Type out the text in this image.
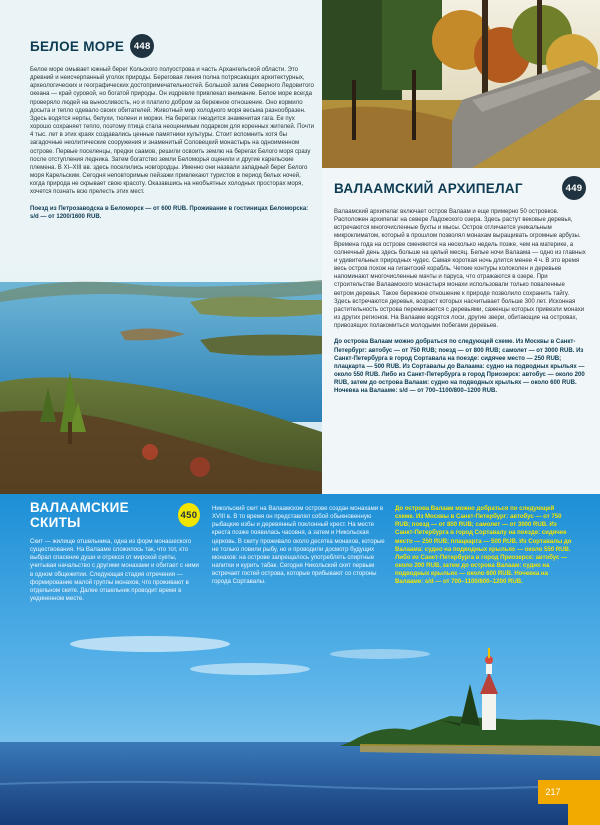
БЕЛОЕ МОРЕ	448
Белое море омывает южный берег Кольского полуострова и часть Архангельской области. Это древний и неисчерпанный уголок природы. Береговая линия полна потрясающих архитектурных, археологических и географических достопримечательностей. Большой залив Северного Ледовитого океана — край суровой, но богатой природы. Он издревле привлекал внимание. Белое море всегда проверяло людей на выносливость, но и платило добром за бережное отношение. Оно кормило досыта и тепло одевало своих обитателей. Животный мир холодного моря весьма разнообразен. Здесь водятся нерпы, белухи, тюлени и моржи. На берегах гнездится знаменитая гага. Ее пух хорошо сохраняет тепло, поэтому птица стала неоценимым подарком для коренных жителей. Почти 4 тыс. лет в этих краях создавались ценные памятники культуры. Стоит вспомнить хотя бы загадочные неолитические сооружения и знаменитый Соловецкий монастырь на одноименном острове. Первые поселенцы, предки саамов, решили освоить землю на берегах Белого моря сразу после отступления ледника. Затем богатство земли Беломорья оценили и другие карельские племена. В XI–XIII вв. здесь поселились новгородцы. Именно они назвали западный берег Белого моря Карельским. Сегодня неповторимые пейзажи привлекают туристов в период белых ночей, когда природа не скрывает свою красоту. Оказавшись на необъятных холодных просторах моря, хочется познать всю прелесть этих мест.
Поезд из Петрозаводска в Беломорск — от 600 RUB. Проживание в гостиницах Беломорска: s/d — от 1200/1600 RUB.
ВАЛААМСКИЙ АРХИПЕЛАГ	449
Валаамский архипелаг включает остров Валаам и еще примерно 50 островков. Расположен архипелаг на севере Ладожского озера. Здесь растут вековые деревья, встречаются многочисленные бухты и мысы. Остров отличается уникальным микроклиматом, который в прошлом позволял монахам выращивать огромные арбузы. Времена года на острове сменяются на несколько недель позже, чем на материке, а солнечный день здесь больше на целый месяц. Белые ночи Валаама — одно из главных и удивительных природных чудес. Самая короткая ночь длится менее 4 ч. В это время весь остров похож на гигантский корабль. Четкие контуры колоколен и деревьев напоминают многочисленные мачты и паруса, что отражаются в озере. При строительстве Валаамского монастыря монахи использовали только поваленные ветром деревья. Такое бережное отношение к природе позволило сохранить тайгу. Здесь встречаются деревья, возраст которых насчитывает больше 300 лет. Исконная растительность острова перемежается с деревьями, саженцы которых привезли монахи из других регионов. На Валааме водятся лоси, другие звери, обитающие на островах, привозящих полакомиться молодыми побегами деревьев.
До острова Валаам можно добраться по следующей схеме. Из Москвы в Санкт-Петербург: автобус — от 750 RUB; поезд — от 800 RUB; самолет — от 3000 RUB. Из Санкт-Петербурга в город Сортавала на поезде: сидячее место — 250 RUB; плацкарта — 500 RUB. Из Сортавалы до Валаама: судно на подводных крыльях — около 550 RUB. Либо из Санкт-Петербурга в город Приозерск: автобус — около 200 RUB, затем до острова Валаам: судно на подводных крыльях — около 600 RUB. Ночевка на Валааме: s/d — от 700–1100/800–1200 RUB.
ВАЛААМСКИЕ СКИТЫ	450
Скит — жилище отшельника, одна из форм монашеского существования. На Валааме сложилось так, что тот, кто выбрал спасение души и отрекся от мирской суеты, учитывая начальство с другими монахами и обитает с ними в одном общежитии. Следующая стадия отречения — формирование малой группы монахов, что проживают в отдельном ските. Далее отшельник проводит время в уединенном месте.
Никольский скит на Валаамском острове создан монахами в XVIII в. В то время он представлял собой обыкновенную рыбацкие избы и деревянный поклонный крест. На месте креста позже появилась часовня, а затем и Никольская церковь. В скиту проживало около десятка монахов, которые не только ловили рыбу, но и проводили досмотр будущих монахов: на острове запрещалось употреблять спиртные напитки и курить табак. Сегодня Никольский скит первым встречает гостей острова, которые прибывают со стороны города Сортавалы.
До острова Валаам можно добраться по следующей схеме. Из Москвы в Санкт-Петербург: автобус — от 750 RUB; поезд — от 800 RUB; самолет — от 3000 RUB. Из Санкт-Петербурга в город Сортавалу на поезде: сидячее место — 250 RUB; плацкарта — 500 RUB. Из Сортавалы до Валаама: судно на подводных крыльях — около 550 RUB. Либо из Санкт-Петербурга в город Приозерск: автобус — около 200 RUB, затем до острова Валаам: судно на подводных крыльях — около 600 RUB. Ночевка на Валааме: s/d — от 700–1100/800–1200 RUB.
217
